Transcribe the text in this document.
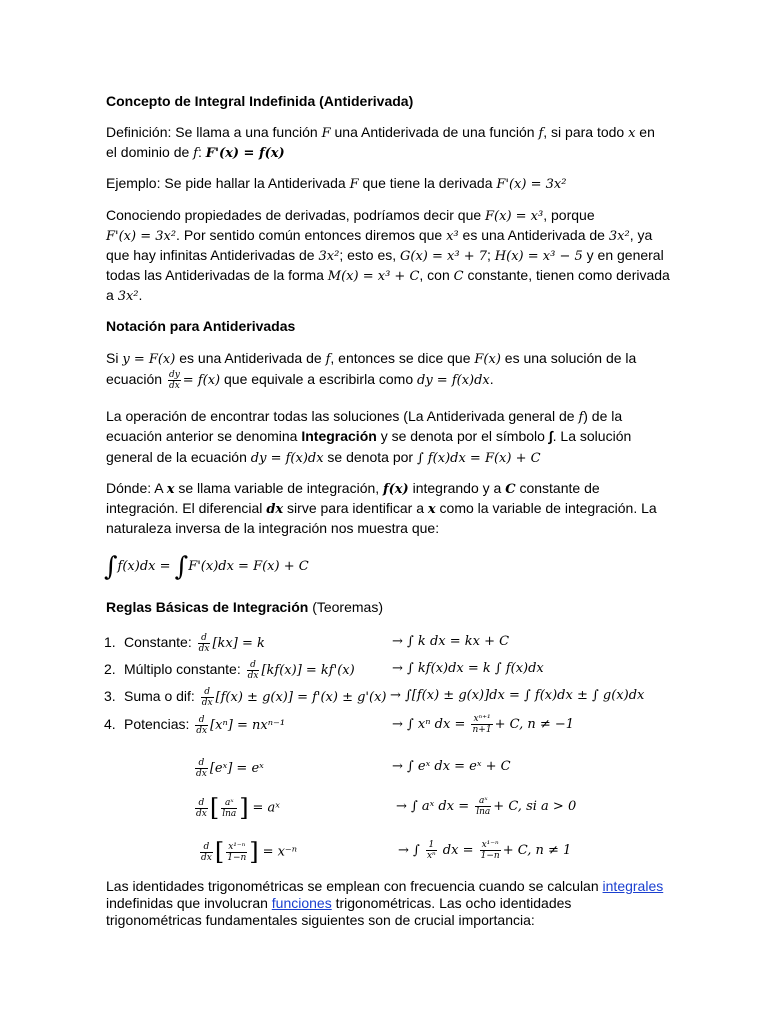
Concepto de Integral Indefinida (Antiderivada)
Definición: Se llama a una función F una Antiderivada de una función f, si para todo x en
el dominio de f: F'(x) = f(x)
Ejemplo: Se pide hallar la Antiderivada F que tiene la derivada F'(x) = 3x²
Conociendo propiedades de derivadas, podríamos decir que F(x) = x³, porque
F'(x) = 3x². Por sentido común entonces diremos que x³ es una Antiderivada de 3x², ya
que hay infinitas Antiderivadas de 3x²; esto es, G(x) = x³ + 7; H(x) = x³ − 5 y en general
todas las Antiderivadas de la forma M(x) = x³ + C, con C constante, tienen como derivada
a 3x².
Notación para Antiderivadas
Si y = F(x) es una Antiderivada de f, entonces se dice que F(x) es una solución de la
ecuación $\frac{dy}{dx} = f(x)$ que equivale a escribirla como dy = f(x)dx.
La operación de encontrar todas las soluciones (La Antiderivada general de f) de la
ecuación anterior se denomina Integración y se denota por el símbolo ∫. La solución
general de la ecuación dy = f(x)dx se denota por ∫ f(x)dx = F(x) + C
Dónde: A x se llama variable de integración, f(x) integrando y a C constante de
integración. El diferencial dx sirve para identificar a x como la variable de integración. La
naturaleza inversa de la integración nos muestra que:
∫f(x)dx = ∫F'(x)dx = F(x) + C
Reglas Básicas de Integración (Teoremas)
1. Constante: $\frac{d}{dx} [kx] = k$	→ ∫ k dx = kx + C
2. Múltiplo constante: $\frac{d}{dx} [kf(x)] = kf'(x)$	→ ∫ kf(x)dx = k ∫ f(x)dx
3. Suma o dif: $\frac{d}{dx} [f(x) \pm g(x)] = f'(x) \pm g'(x) \to \int[f(x) \pm g(x)]dx$ = ∫ f(x)dx ± ∫ g(x)dx
4. Potencias: $\frac{d}{dx} [x^n] = nx^{n-1}$	→ ∫ xⁿ dx = $\frac{\text{xⁿ⁺¹}}{n+1} + C$, n ≠ −1
$\frac{d}{dx}$ [eˣ] = eˣ	→ ∫ eˣ dx = eˣ + C
$\frac{d}{dx}$ [ $\frac{\text{aˣ}}{\ln a}$ ] = aˣ	→ ∫ aˣ dx = $\frac{\text{aˣ}}{\ln a} + C$, si a > 0
$\frac{d}{dx}$ [ $\frac{\text{x¹⁻ⁿ}}{1-n}$ ] = x⁻ⁿ	→ ∫ $\frac{1}{\text{xⁿ}}$ dx = $\frac{\text{x¹⁻ⁿ}}{1-n} + C$, n ≠ 1
Las identidades trigonométricas se emplean con frecuencia cuando se calculan integrales
indefinidas que involucran funciones trigonométricas. Las ocho identidades
trigonométricas fundamentales siguientes son de crucial importancia:
